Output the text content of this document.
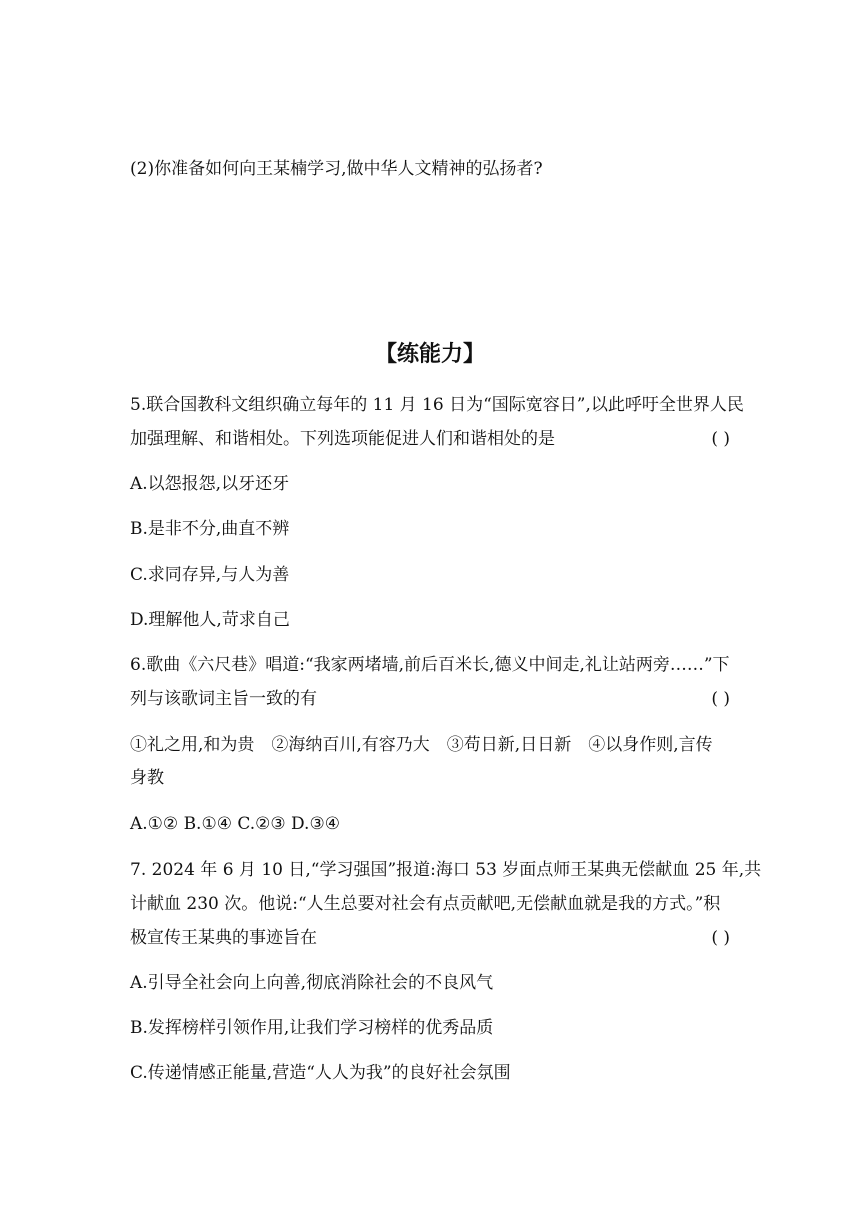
(2)你准备如何向王某楠学习,做中华人文精神的弘扬者?
【练能力】
5.联合国教科文组织确立每年的 11 月 16 日为“国际宽容日”,以此呼吁全世界人民
加强理解、和谐相处。下列选项能促进人们和谐相处的是	( )
A.以怨报怨,以牙还牙
B.是非不分,曲直不辨
C.求同存异,与人为善
D.理解他人,苛求自己
6.歌曲《六尺巷》唱道:“我家两堵墙,前后百米长,德义中间走,礼让站两旁……”下
列与该歌词主旨一致的有	( )
①礼之用,和为贵　②海纳百川,有容乃大　③苟日新,日日新　④以身作则,言传
身教
A.①② B.①④ C.②③ D.③④
7. 2024 年 6 月 10 日,“学习强国”报道:海口 53 岁面点师王某典无偿献血 25 年,共
计献血 230 次。他说:“人生总要对社会有点贡献吧,无偿献血就是我的方式。”积
极宣传王某典的事迹旨在	( )
A.引导全社会向上向善,彻底消除社会的不良风气
B.发挥榜样引领作用,让我们学习榜样的优秀品质
C.传递情感正能量,营造“人人为我”的良好社会氛围
